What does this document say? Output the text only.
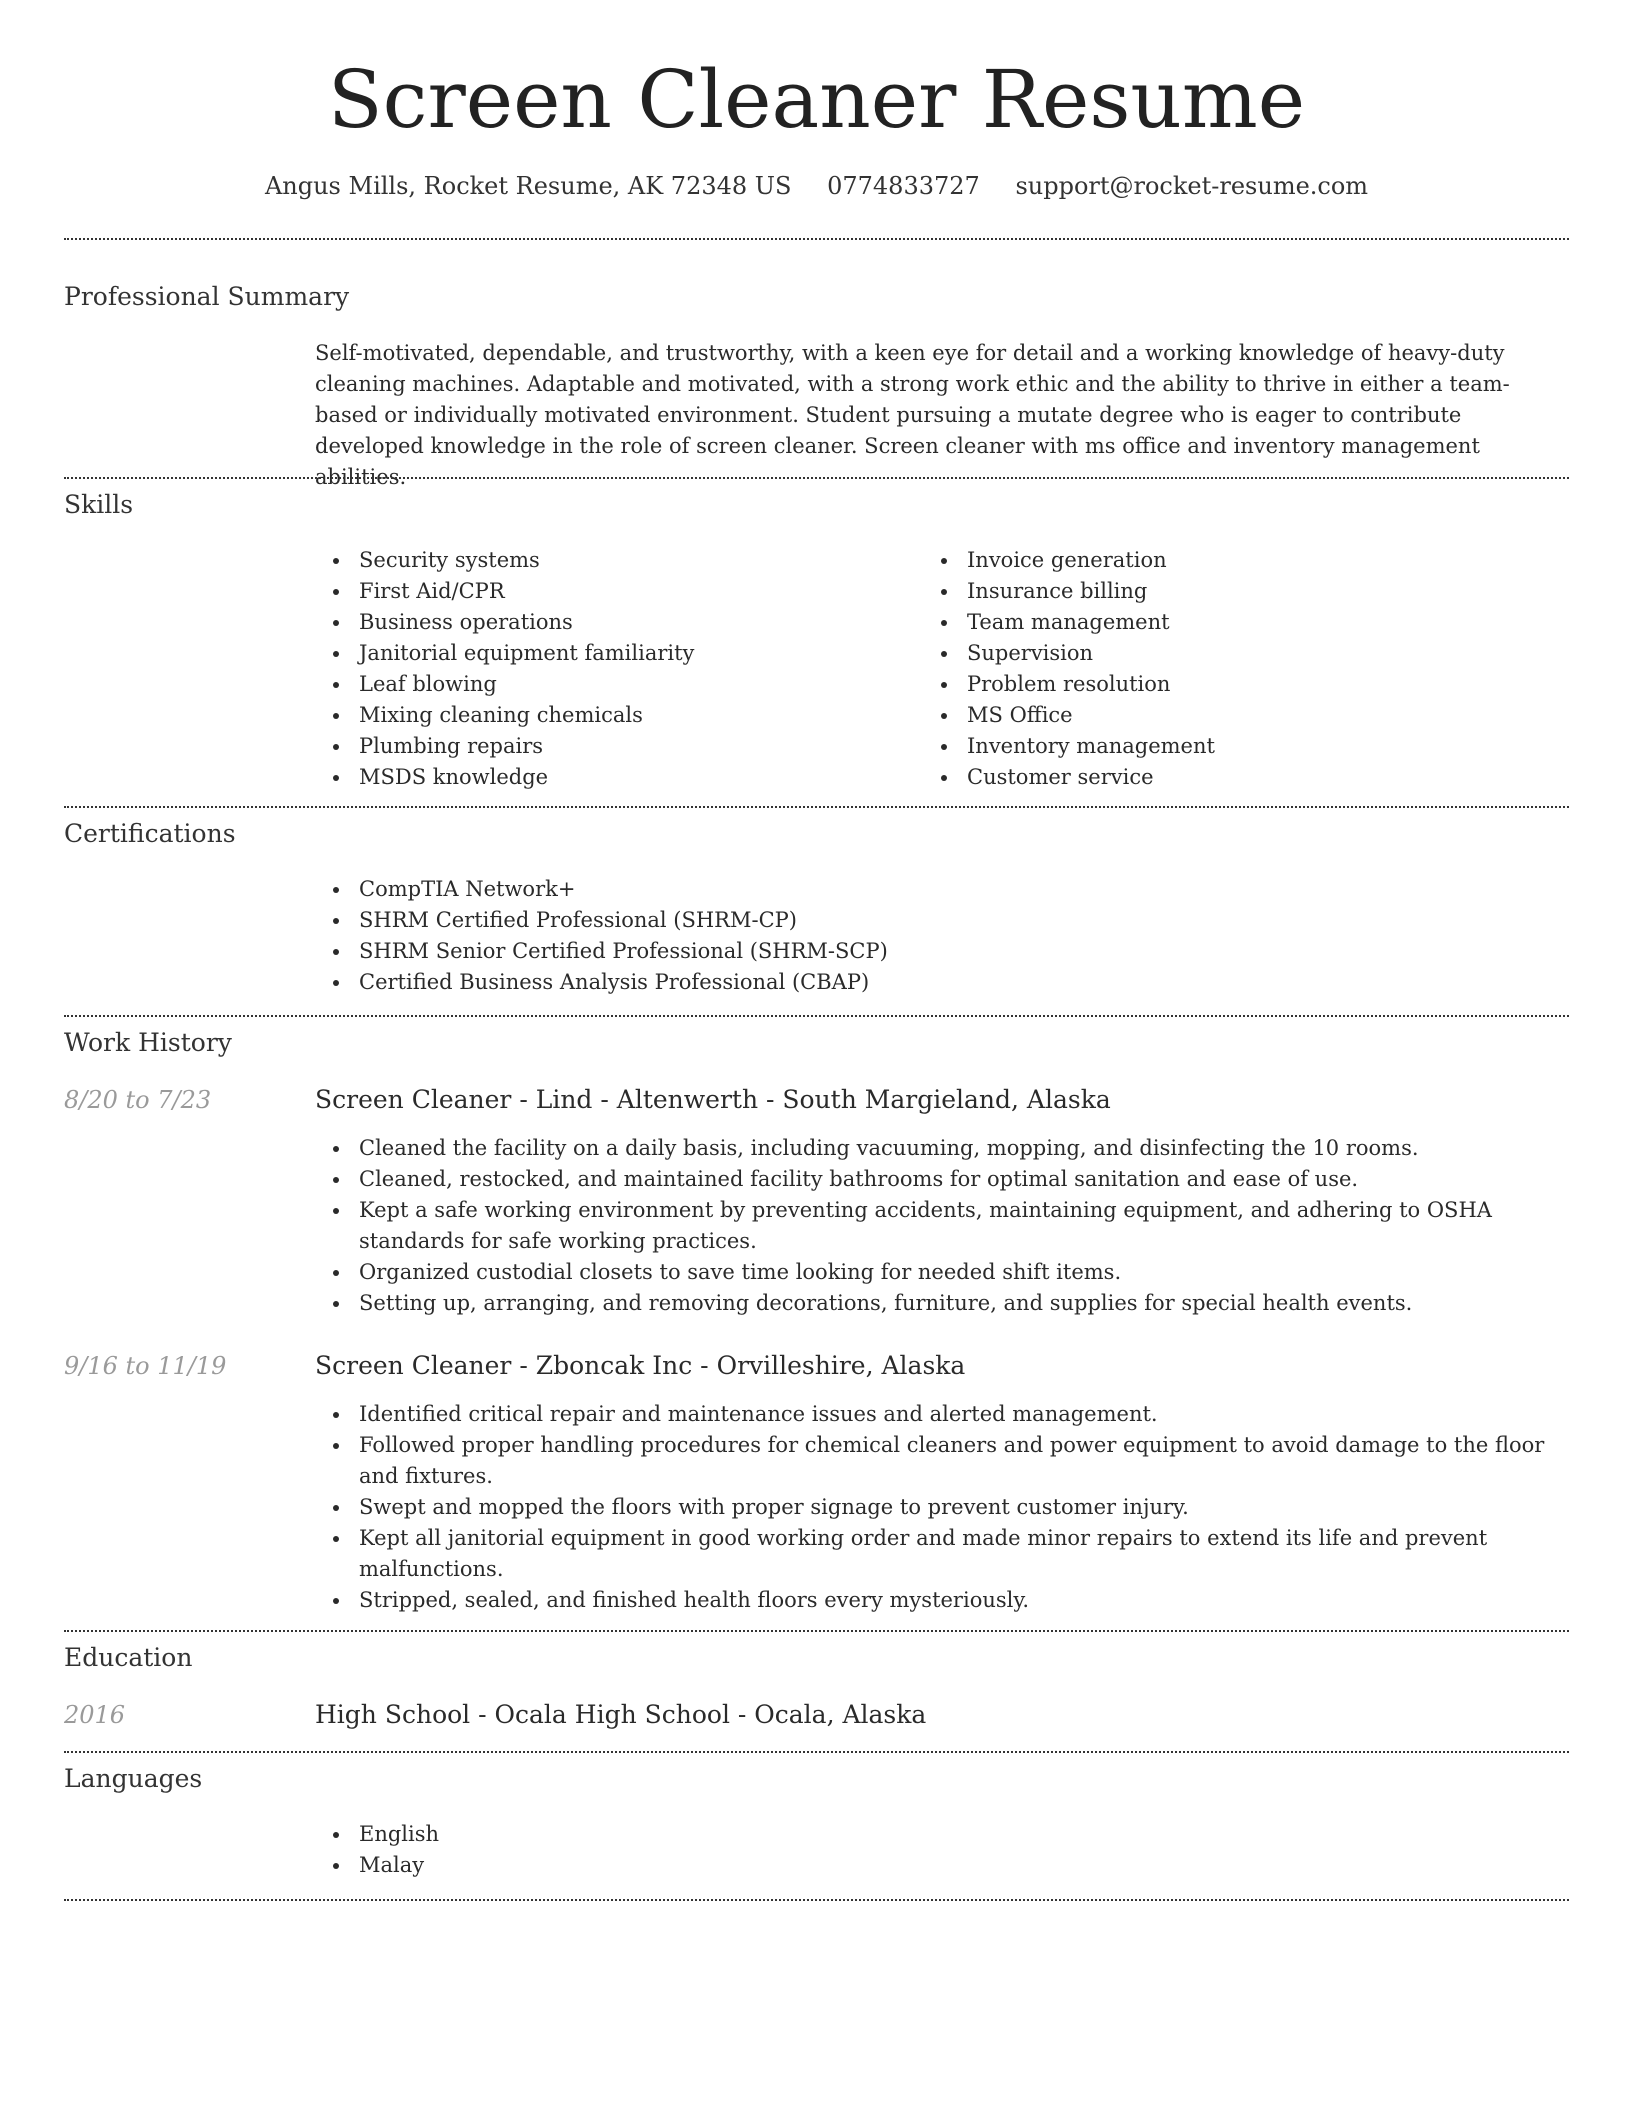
Screen Cleaner Resume
Angus Mills, Rocket Resume, AK 72348 US 0774833727 support@rocket-resume.com
Professional Summary

Self-motivated, dependable, and trustworthy, with a keen eye for detail and a working knowledge of heavy-duty cleaning machines. Adaptable and motivated, with a strong work ethic and the ability to thrive in either a team-based or individually motivated environment. Student pursuing a mutate degree who is eager to contribute developed knowledge in the role of screen cleaner. Screen cleaner with ms office and inventory management abilities.

Skills
Security systems
First Aid/CPR
Business operations
Janitorial equipment familiarity
Leaf blowing
Mixing cleaning chemicals
Plumbing repairs
MSDS knowledge
Invoice generation
Insurance billing
Team management
Supervision
Problem resolution
MS Office
Inventory management
Customer service
Certifications
CompTIA Network+
SHRM Certified Professional (SHRM-CP)
SHRM Senior Certified Professional (SHRM-SCP)
Certified Business Analysis Professional (CBAP)
Work History
8/20 to 7/23	Screen Cleaner - Lind - Altenwerth - South Margieland, Alaska
Cleaned the facility on a daily basis, including vacuuming, mopping, and disinfecting the 10 rooms.
Cleaned, restocked, and maintained facility bathrooms for optimal sanitation and ease of use.
Kept a safe working environment by preventing accidents, maintaining equipment, and adhering to OSHA standards for safe working practices.
Organized custodial closets to save time looking for needed shift items.
Setting up, arranging, and removing decorations, furniture, and supplies for special health events.
9/16 to 11/19	Screen Cleaner - Zboncak Inc - Orvilleshire, Alaska
Identified critical repair and maintenance issues and alerted management.
Followed proper handling procedures for chemical cleaners and power equipment to avoid damage to the floor and fixtures.
Swept and mopped the floors with proper signage to prevent customer injury.
Kept all janitorial equipment in good working order and made minor repairs to extend its life and prevent malfunctions.
Stripped, sealed, and finished health floors every mysteriously.
Education
2016	High School - Ocala High School - Ocala, Alaska
Languages
English
Malay
